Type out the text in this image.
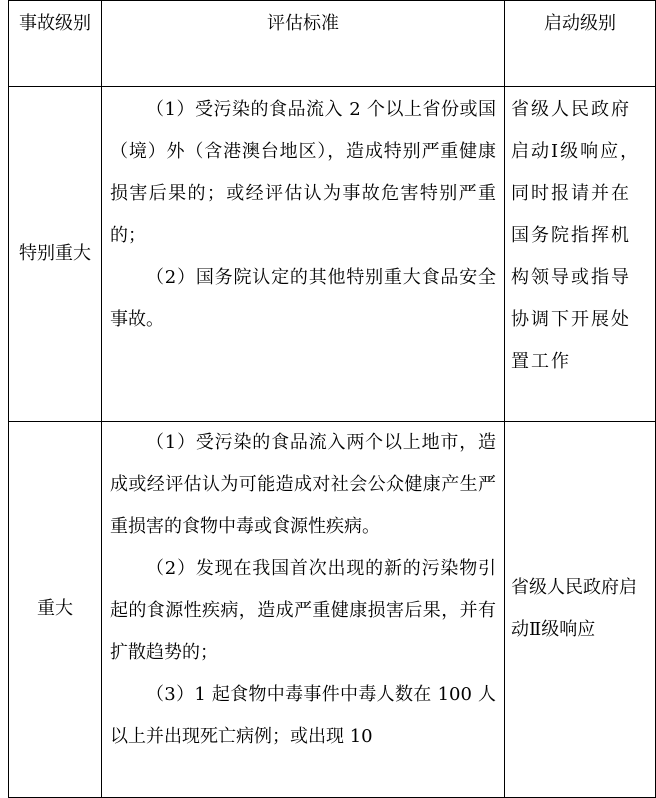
事故级别	评估标准	启动级别
特别重大	（1）受污染的食品流入 2 个以上省份或国（境）外（含港澳台地区），造成特别严重健康损害后果的；或经评估认为事故危害特别严重的；

（2）国务院认定的其他特别重大食品安全事故。	省级人民政府启动Ⅰ级响应，同时报请并在国务院指挥机构领导或指导协调下开展处置工作
重大	（1）受污染的食品流入两个以上地市，造成或经评估认为可能造成对社会公众健康产生严重损害的食物中毒或食源性疾病。

（2）发现在我国首次出现的新的污染物引起的食源性疾病，造成严重健康损害后果，并有扩散趋势的；

（3）1 起食物中毒事件中毒人数在 100 人以上并出现死亡病例；或出现 10	省级人民政府启动Ⅱ级响应
